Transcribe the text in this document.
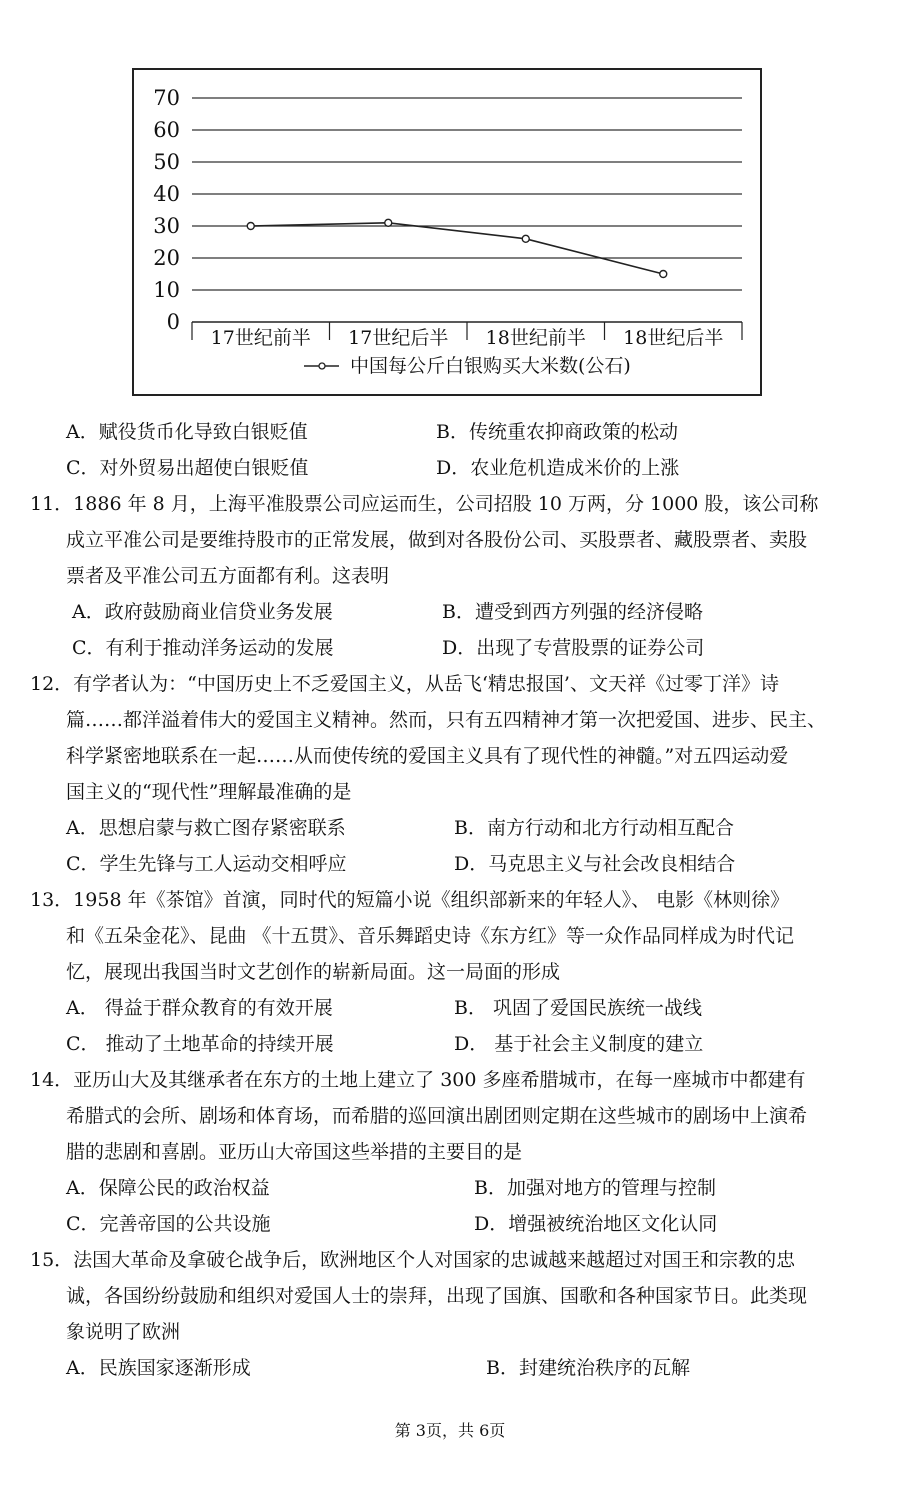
0
10
20
30
40
50
60
70
17世纪前半 17世纪后半 18世纪前半 18世纪后半
中国每公斤白银购买大米数(公石)
A．赋役货币化导致白银贬值	B．传统重农抑商政策的松动
C．对外贸易出超使白银贬值	D．农业危机造成米价的上涨
11．1886 年 8 月，上海平准股票公司应运而生，公司招股 10 万两，分 1000 股，该公司称
成立平准公司是要维持股市的正常发展，做到对各股份公司、买股票者、藏股票者、卖股
票者及平准公司五方面都有利。这表明
A．政府鼓励商业信贷业务发展	B．遭受到西方列强的经济侵略
C．有利于推动洋务运动的发展	D．出现了专营股票的证券公司
12．有学者认为：“中国历史上不乏爱国主义，从岳飞‘精忠报国’、文天祥《过零丁洋》诗
篇……都洋溢着伟大的爱国主义精神。然而，只有五四精神才第一次把爱国、进步、民主、
科学紧密地联系在一起……从而使传统的爱国主义具有了现代性的神髓。”对五四运动爱
国主义的“现代性”理解最准确的是
A．思想启蒙与救亡图存紧密联系	B．南方行动和北方行动相互配合
C．学生先锋与工人运动交相呼应	D．马克思主义与社会改良相结合
13．1958 年《茶馆》首演，同时代的短篇小说《组织部新来的年轻人》、 电影《林则徐》
和《五朵金花》、昆曲 《十五贯》、音乐舞蹈史诗《东方红》等一众作品同样成为时代记
忆，展现出我国当时文艺创作的崭新局面。这一局面的形成
A． 得益于群众教育的有效开展	B． 巩固了爱国民族统一战线
C． 推动了土地革命的持续开展	D． 基于社会主义制度的建立
14．亚历山大及其继承者在东方的土地上建立了 300 多座希腊城市，在每一座城市中都建有
希腊式的会所、剧场和体育场，而希腊的巡回演出剧团则定期在这些城市的剧场中上演希
腊的悲剧和喜剧。亚历山大帝国这些举措的主要目的是
A．保障公民的政治权益	B．加强对地方的管理与控制
C．完善帝国的公共设施	D．增强被统治地区文化认同
15．法国大革命及拿破仑战争后，欧洲地区个人对国家的忠诚越来越超过对国王和宗教的忠
诚，各国纷纷鼓励和组织对爱国人士的崇拜，出现了国旗、国歌和各种国家节日。此类现
象说明了欧洲
A．民族国家逐渐形成	B．封建统治秩序的瓦解
第 3页，共 6页
